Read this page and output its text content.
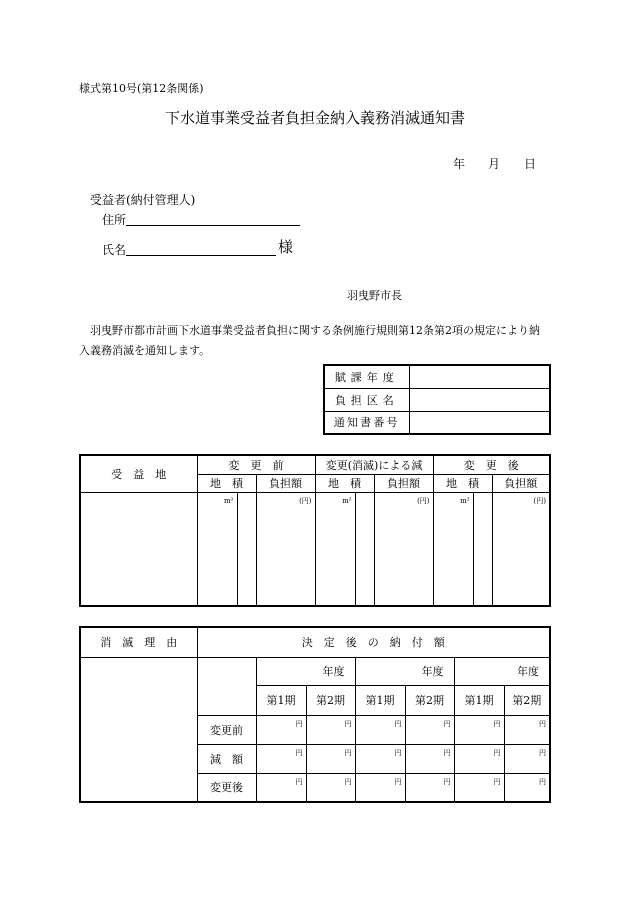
様式第10号(第12条関係)
下水道事業受益者負担金納入義務消滅通知書
年 月 日
受益者(納付管理人)
住所
氏名	様
羽曳野市長
羽曳野市都市計画下水道事業受益者負担に関する条例施行規則第12条第2項の規定により納入義務消滅を通知します。
賦課年度	
負担区名	
通知書番号	
受　益　地	変　更　前			変更(消滅)による減			変　更　後		
	地　積		負担額	地　積		負担額	地　積		負担額
	m²		(円)	m²		(円)	m²		(円)
消　滅　理　由	決　定　後　の　納　付　額						
		年度		年度		年度	
		第1期	第2期	第1期	第2期	第1期	第2期
	変更前	円	円	円	円	円	円
	減　額	円	円	円	円	円	円
	変更後	円	円	円	円	円	円
